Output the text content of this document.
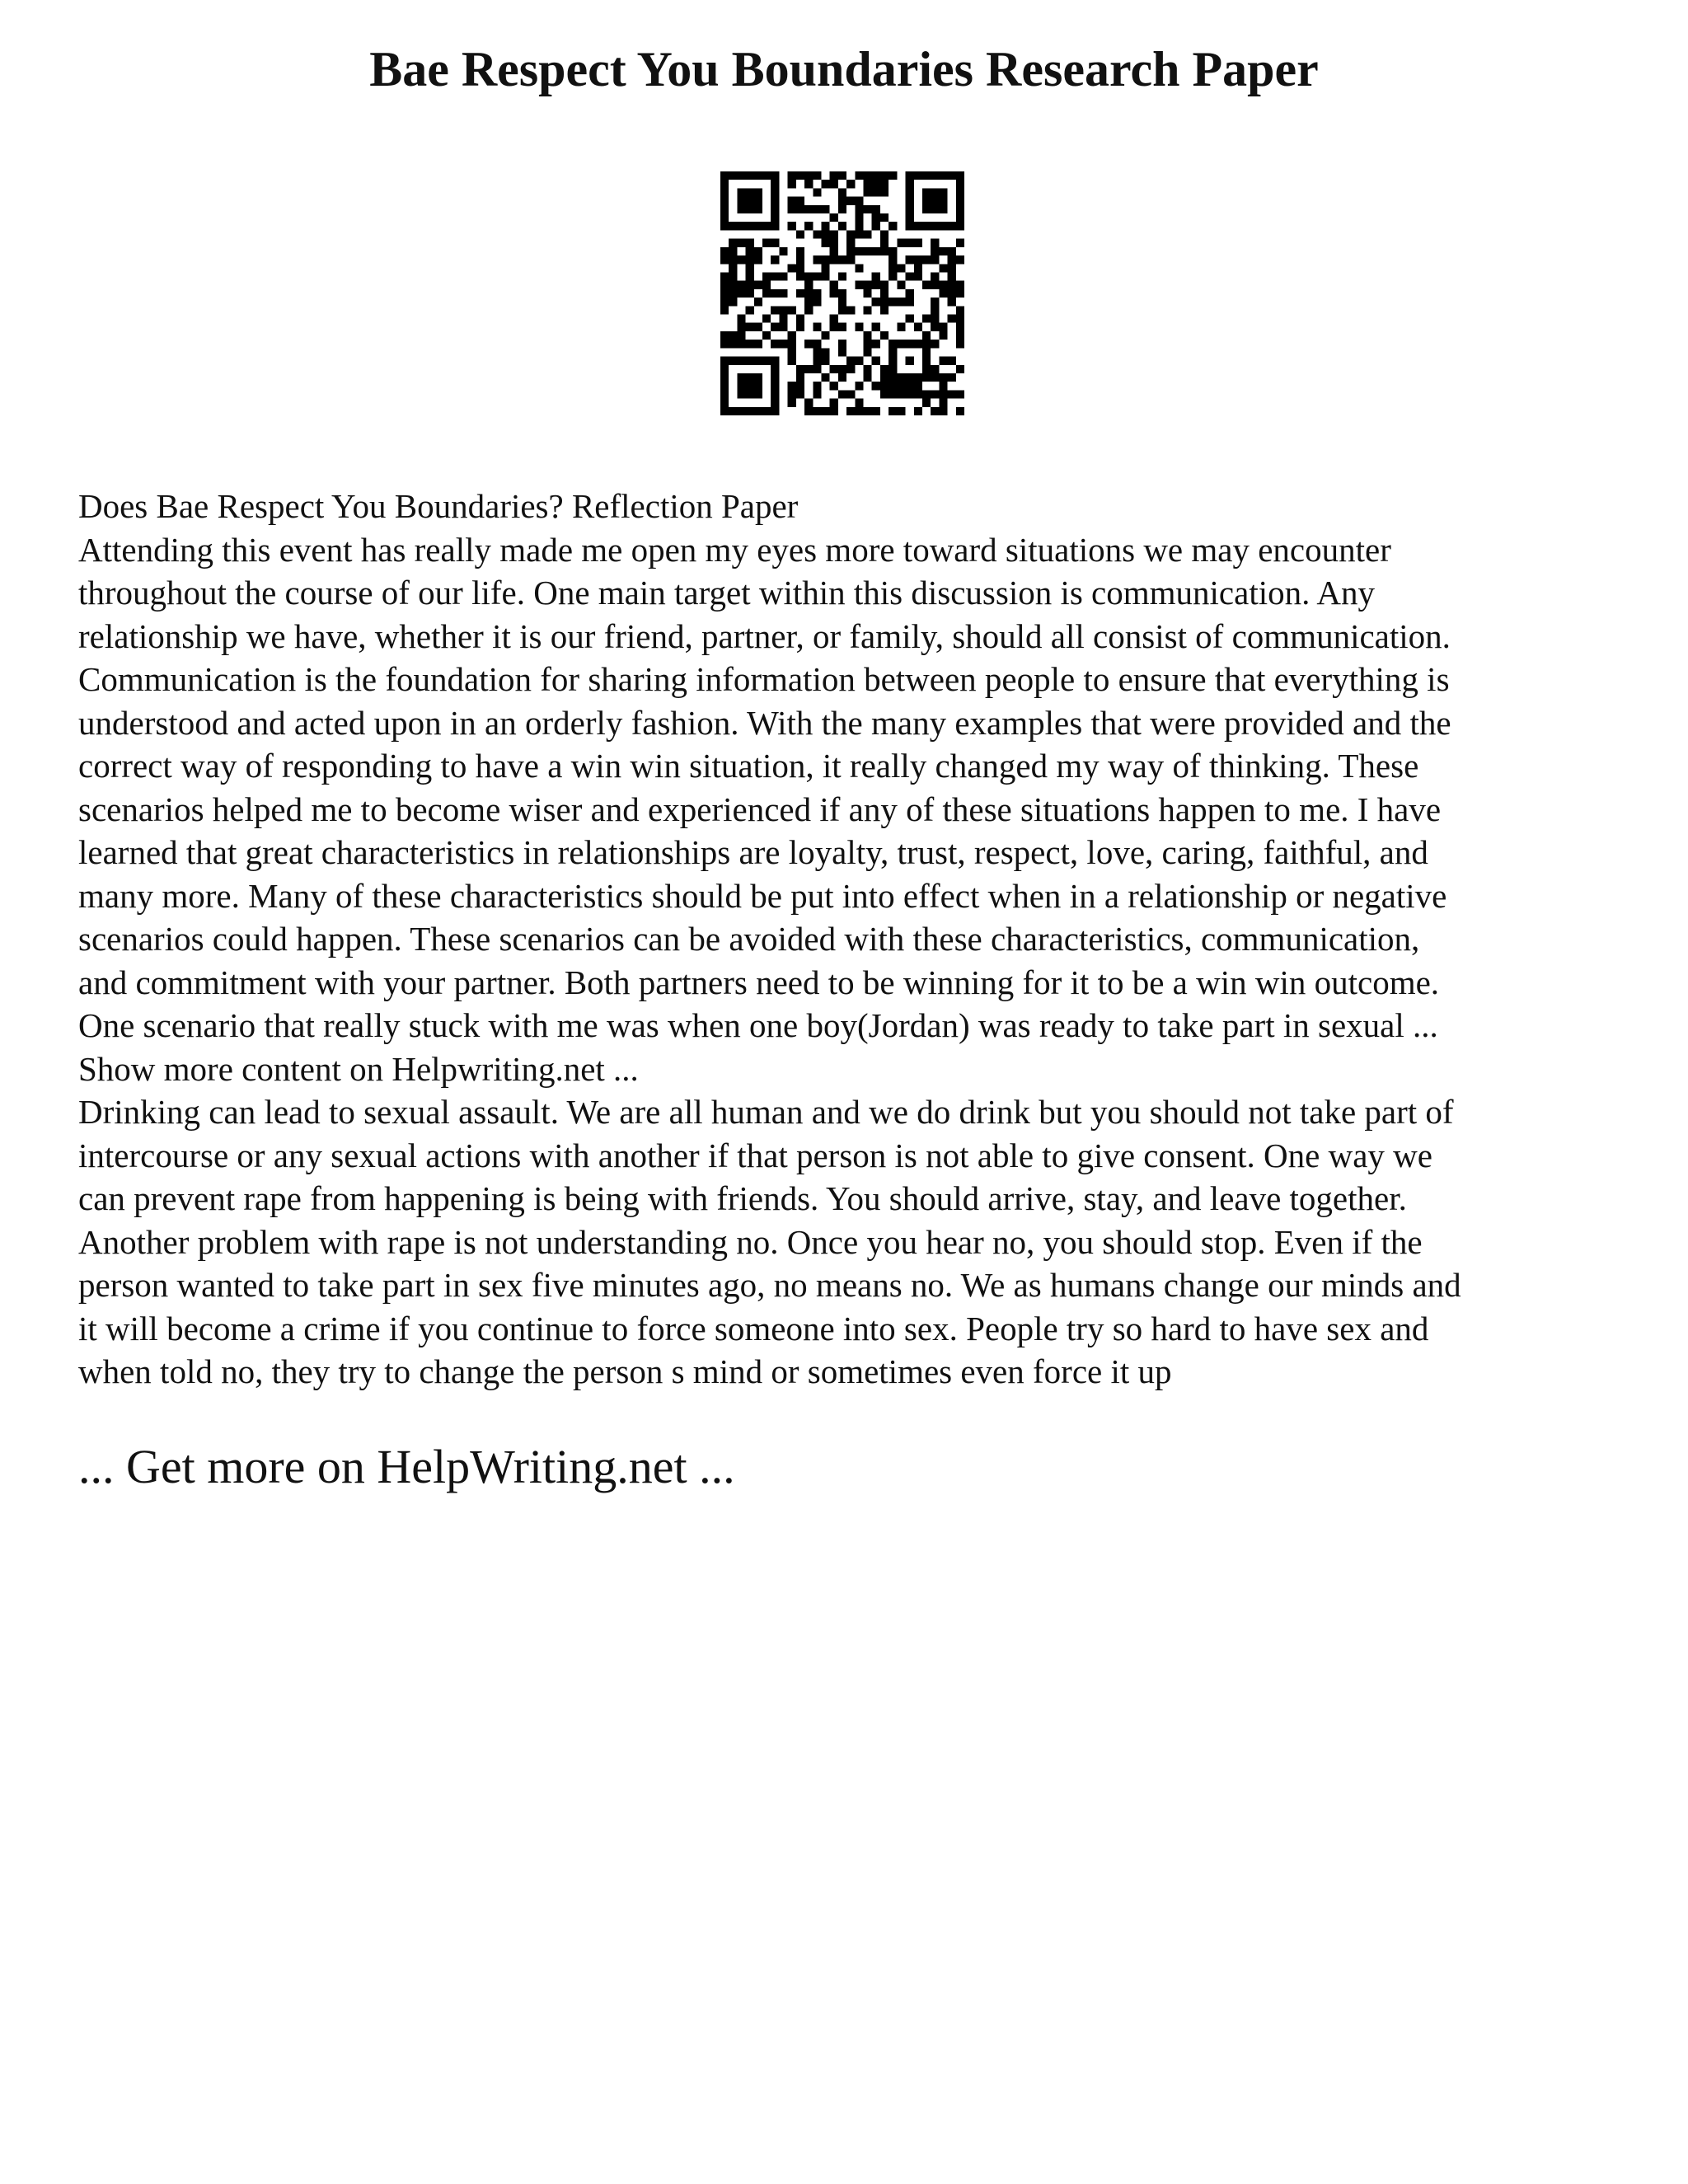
Bae Respect You Boundaries Research Paper
Does Bae Respect You Boundaries? Reflection Paper
Attending this event has really made me open my eyes more toward situations we may encounter
throughout the course of our life. One main target within this discussion is communication. Any
relationship we have, whether it is our friend, partner, or family, should all consist of communication.
Communication is the foundation for sharing information between people to ensure that everything is
understood and acted upon in an orderly fashion. With the many examples that were provided and the
correct way of responding to have a win win situation, it really changed my way of thinking. These
scenarios helped me to become wiser and experienced if any of these situations happen to me. I have
learned that great characteristics in relationships are loyalty, trust, respect, love, caring, faithful, and
many more. Many of these characteristics should be put into effect when in a relationship or negative
scenarios could happen. These scenarios can be avoided with these characteristics, communication,
and commitment with your partner. Both partners need to be winning for it to be a win win outcome.
One scenario that really stuck with me was when one boy(Jordan) was ready to take part in sexual ...
Show more content on Helpwriting.net ...
Drinking can lead to sexual assault. We are all human and we do drink but you should not take part of
intercourse or any sexual actions with another if that person is not able to give consent. One way we
can prevent rape from happening is being with friends. You should arrive, stay, and leave together.
Another problem with rape is not understanding no. Once you hear no, you should stop. Even if the
person wanted to take part in sex five minutes ago, no means no. We as humans change our minds and
it will become a crime if you continue to force someone into sex. People try so hard to have sex and
when told no, they try to change the person s mind or sometimes even force it up

... Get more on HelpWriting.net ...
